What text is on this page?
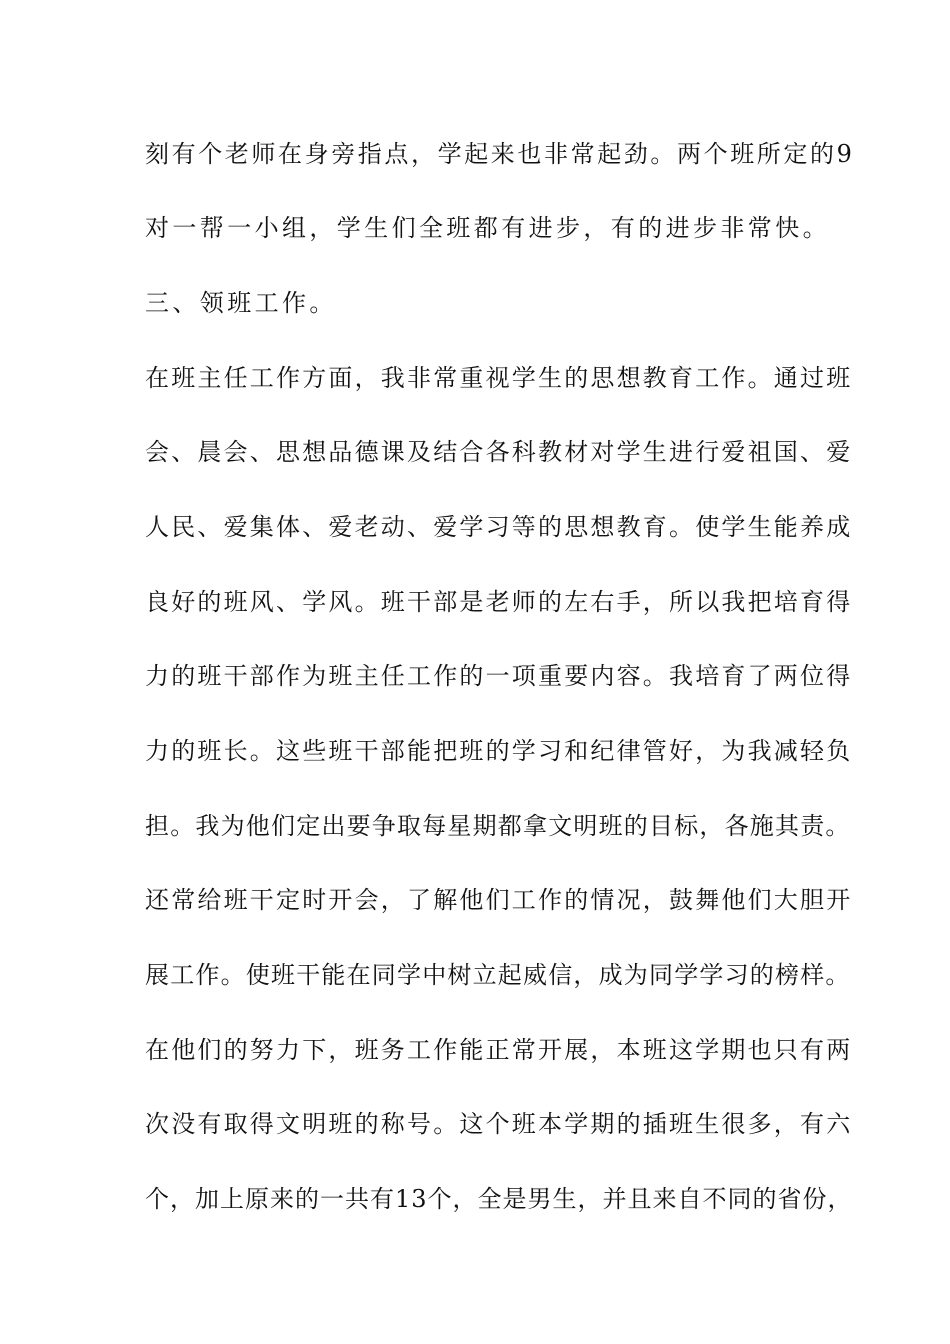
刻有个老师在身旁指点，学起来也非常起劲。两个班所定的9
对一帮一小组，学生们全班都有进步，有的进步非常快。
三、领班工作。
在班主任工作方面，我非常重视学生的思想教育工作。通过班
会、晨会、思想品德课及结合各科教材对学生进行爱祖国、爱
人民、爱集体、爱老动、爱学习等的思想教育。使学生能养成
良好的班风、学风。班干部是老师的左右手，所以我把培育得
力的班干部作为班主任工作的一项重要内容。我培育了两位得
力的班长。这些班干部能把班的学习和纪律管好，为我减轻负
担。我为他们定出要争取每星期都拿文明班的目标，各施其责。
还常给班干定时开会，了解他们工作的情况，鼓舞他们大胆开
展工作。使班干能在同学中树立起威信，成为同学学习的榜样。
在他们的努力下，班务工作能正常开展，本班这学期也只有两
次没有取得文明班的称号。这个班本学期的插班生很多，有六
个，加上原来的一共有13个，全是男生，并且来自不同的省份，
